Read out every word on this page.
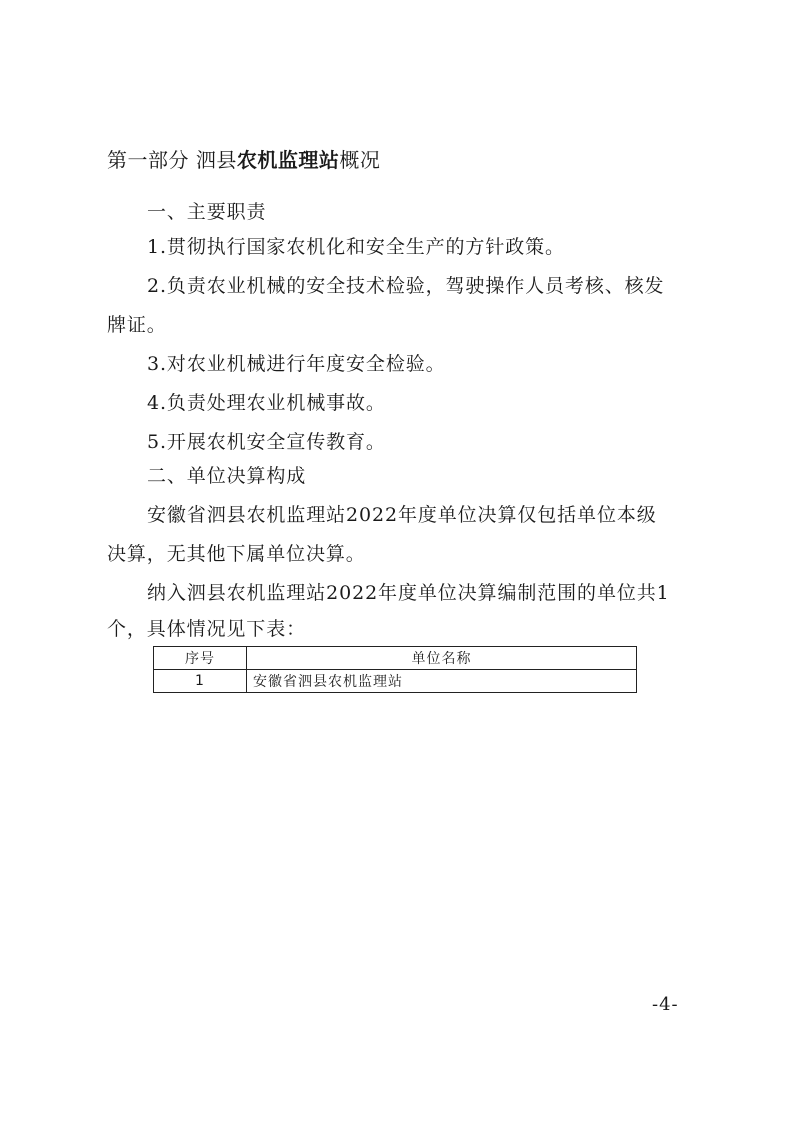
第一部分 泗县农机监理站概况
一、主要职责
1.贯彻执行国家农机化和安全生产的方针政策。
2.负责农业机械的安全技术检验，驾驶操作人员考核、核发
牌证。
3.对农业机械进行年度安全检验。
4.负责处理农业机械事故。
5.开展农机安全宣传教育。
二、单位决算构成
安徽省泗县农机监理站2022年度单位决算仅包括单位本级
决算，无其他下属单位决算。
纳入泗县农机监理站2022年度单位决算编制范围的单位共1
个，具体情况见下表：
序号	单位名称
1	安徽省泗县农机监理站
-4-
